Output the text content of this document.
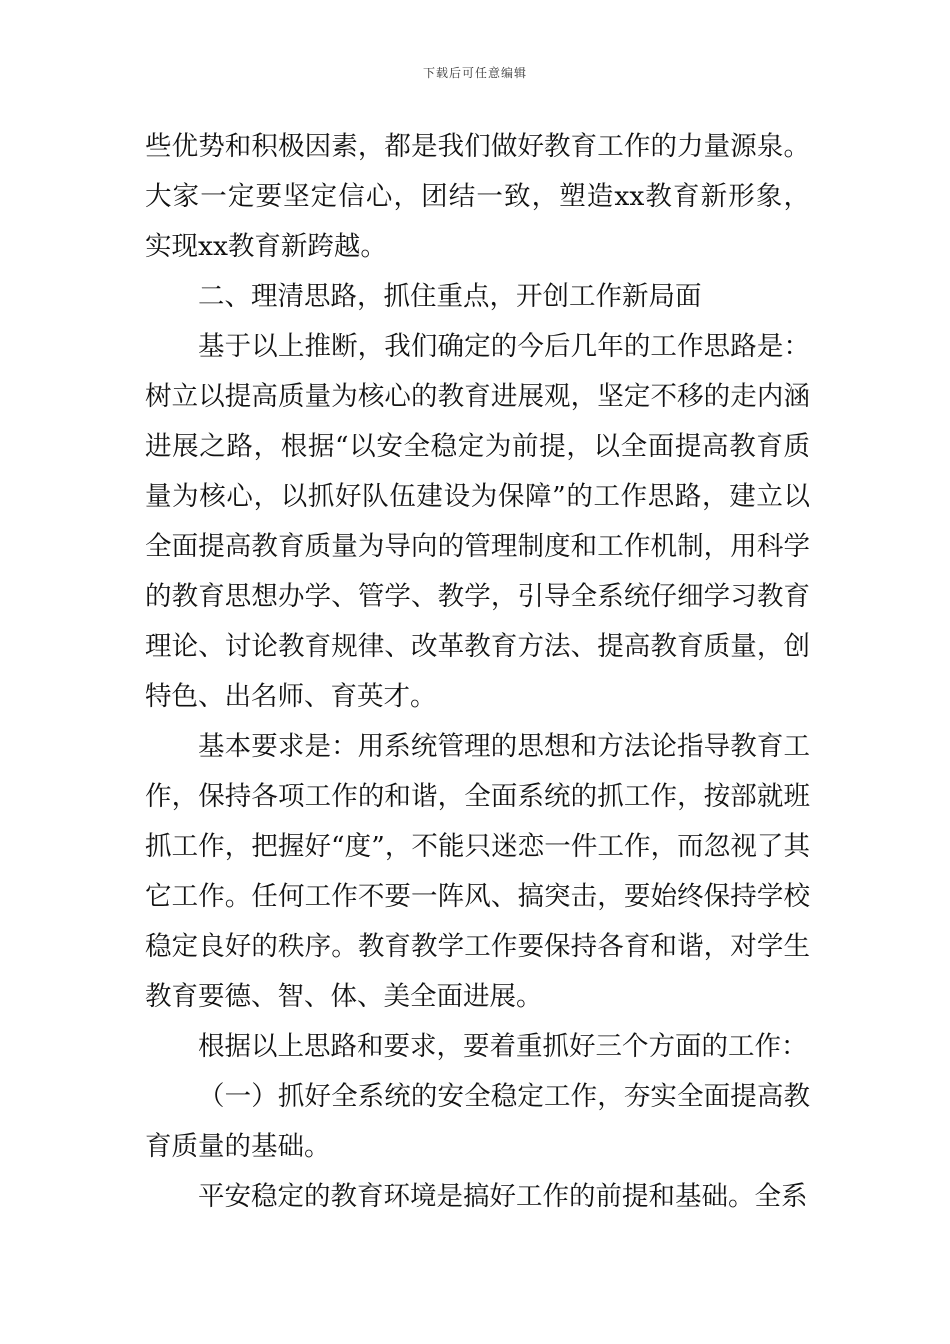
下载后可任意编辑

些优势和积极因素，都是我们做好教育工作的力量源泉。大家一定要坚定信心，团结一致，塑造xx教育新形象，实现xx教育新跨越。

二、理清思路，抓住重点，开创工作新局面

基于以上推断，我们确定的今后几年的工作思路是：树立以提高质量为核心的教育进展观，坚定不移的走内涵进展之路，根据“以安全稳定为前提，以全面提高教育质量为核心，以抓好队伍建设为保障”的工作思路，建立以全面提高教育质量为导向的管理制度和工作机制，用科学的教育思想办学、管学、教学，引导全系统仔细学习教育理论、讨论教育规律、改革教育方法、提高教育质量，创特色、出名师、育英才。

基本要求是：用系统管理的思想和方法论指导教育工作，保持各项工作的和谐，全面系统的抓工作，按部就班抓工作，把握好“度”，不能只迷恋一件工作，而忽视了其它工作。任何工作不要一阵风、搞突击，要始终保持学校稳定良好的秩序。教育教学工作要保持各育和谐，对学生教育要德、智、体、美全面进展。

根据以上思路和要求，要着重抓好三个方面的工作：

（一）抓好全系统的安全稳定工作，夯实全面提高教育质量的基础。

平安稳定的教育环境是搞好工作的前提和基础。全系
